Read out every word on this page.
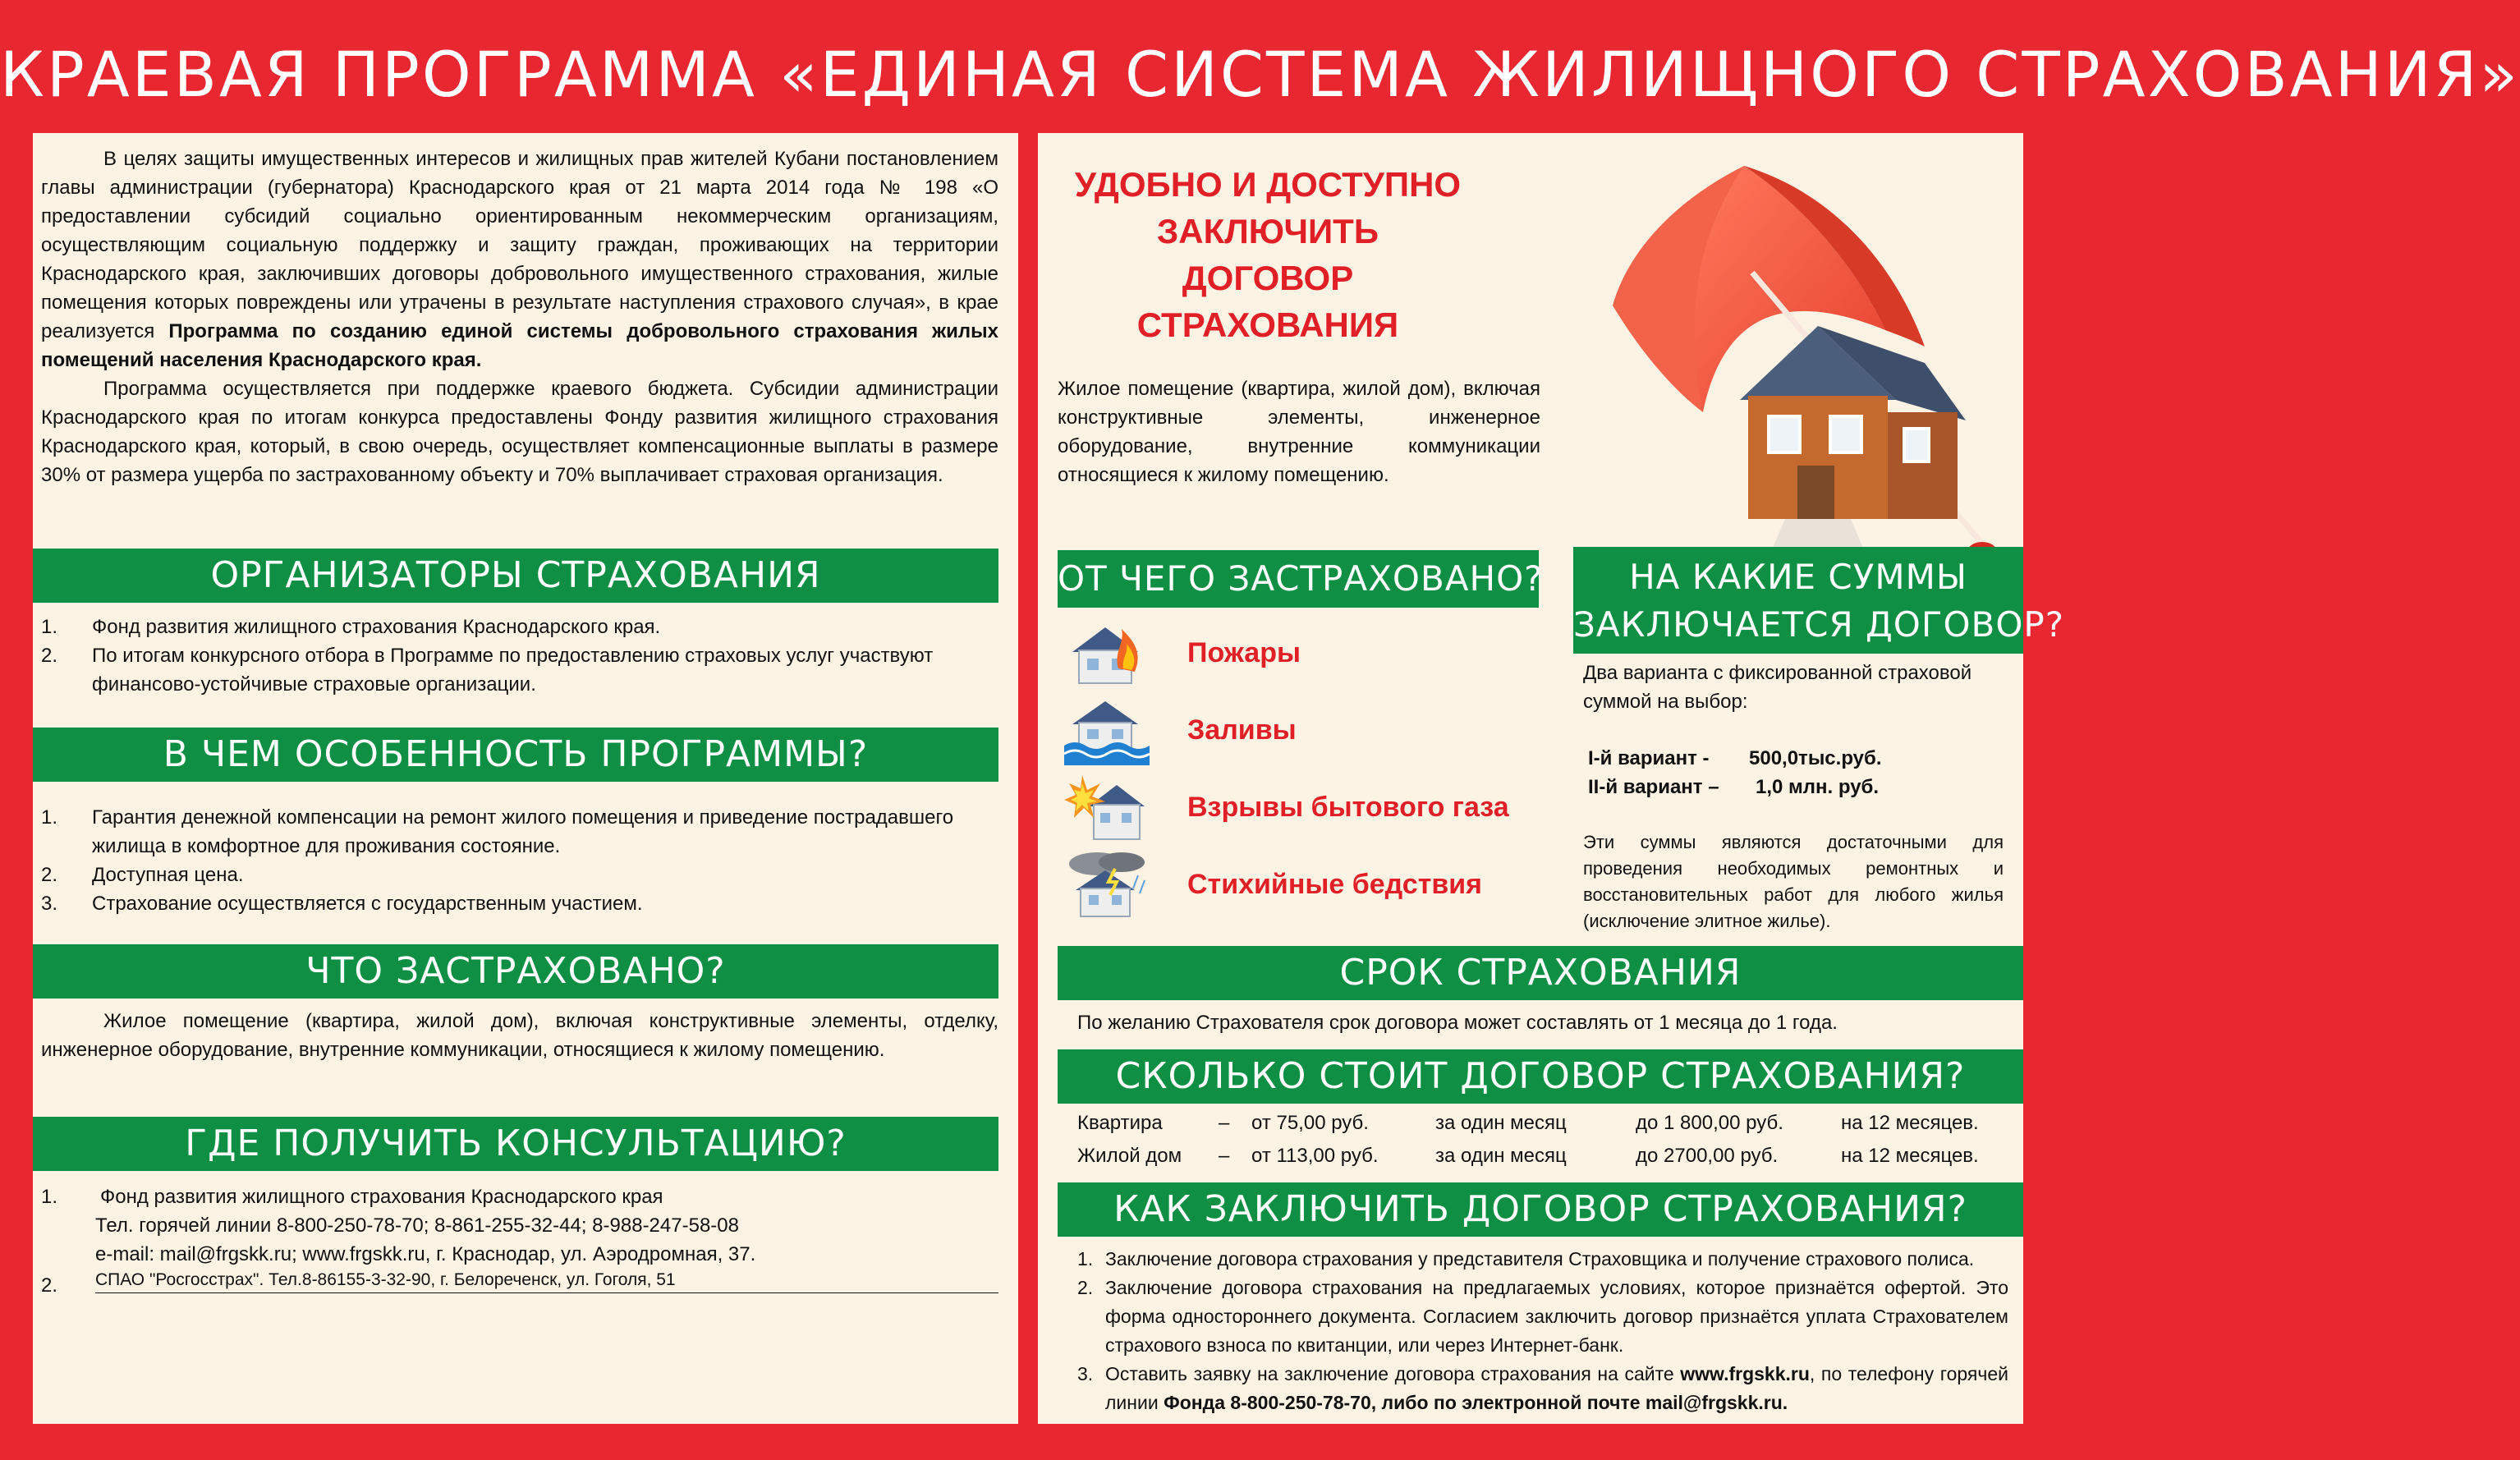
КРАЕВАЯ ПРОГРАММА «ЕДИНАЯ СИСТЕМА ЖИЛИЩНОГО СТРАХОВАНИЯ»

В целях защиты имущественных интересов и жилищных прав жителей Кубани постановлением главы администрации (губернатора) Краснодарского края от 21 марта 2014 года № 198 «О предоставлении субсидий социально ориентированным некоммерческим организациям, осуществляющим социальную поддержку и защиту граждан, проживающих на территории Краснодарского края, заключивших договоры добровольного имущественного страхования, жилые помещения которых повреждены или утрачены в результате наступления страхового случая», в крае реализуется Программа по созданию единой системы добровольного страхования жилых помещений населения Краснодарского края.

Программа осуществляется при поддержке краевого бюджета. Субсидии администрации Краснодарского края по итогам конкурса предоставлены Фонду развития жилищного страхования Краснодарского края, который, в свою очередь, осуществляет компенсационные выплаты в размере 30% от размера ущерба по застрахованному объекту и 70% выплачивает страховая организация.

ОРГАНИЗАТОРЫ СТРАХОВАНИЯ
1. Фонд развития жилищного страхования Краснодарского края.
2. По итогам конкурсного отбора в Программе по предоставлению страховых услуг участвуют финансово-устойчивые страховые организации.
В ЧЕМ ОСОБЕННОСТЬ ПРОГРАММЫ?
1. Гарантия денежной компенсации на ремонт жилого помещения и приведение пострадавшего жилища в комфортное для проживания состояние.
2. Доступная цена.
3. Страхование осуществляется с государственным участием.
ЧТО ЗАСТРАХОВАНО?

Жилое помещение (квартира, жилой дом), включая конструктивные элементы, отделку, инженерное оборудование, внутренние коммуникации, относящиеся к жилому помещению.

ГДЕ ПОЛУЧИТЬ КОНСУЛЬТАЦИЮ?
1. Фонд развития жилищного страхования Краснодарского края
Тел. горячей линии 8-800-250-78-70; 8-861-255-32-44; 8-988-247-58-08
e-mail: mail@frgskk.ru; www.frgskk.ru, г. Краснодар, ул. Аэродромная, 37.
2. СПАО "Росгосстрах". Тел.8-86155-3-32-90, г. Белореченск, ул. Гоголя, 51
УДОБНО И ДОСТУПНО
ЗАКЛЮЧИТЬ
ДОГОВОР
СТРАХОВАНИЯ

Жилое помещение (квартира, жилой дом), включая конструктивные элементы, инженерное оборудование, внутренние коммуникации относящиеся к жилому помещению.

ОТ ЧЕГО ЗАСТРАХОВАНО?
Пожары
Заливы
Взрывы бытового газа
Стихийные бедствия
НА КАКИЕ СУММЫ
ЗАКЛЮЧАЕТСЯ ДОГОВОР?

Два варианта с фиксированной страховой суммой на выбор:

I-й вариант - 500,0тыс.руб.
II-й вариант – 1,0 млн. руб.

Эти суммы являются достаточными для проведения необходимых ремонтных и восстановительных работ для любого жилья (исключение элитное жилье).

СРОК СТРАХОВАНИЯ

По желанию Страхователя срок договора может составлять от 1 месяца до 1 года.

СКОЛЬКО СТОИТ ДОГОВОР СТРАХОВАНИЯ?
Квартира	– от 75,00 руб.	за один месяц	до 1 800,00 руб.	на 12 месяцев.
Жилой дом – от 113,00 руб.	за один месяц	до 2700,00 руб.	на 12 месяцев.
КАК ЗАКЛЮЧИТЬ ДОГОВОР СТРАХОВАНИЯ?
1. Заключение договора страхования у представителя Страховщика и получение страхового полиса.
2. Заключение договора страхования на предлагаемых условиях, которое признаётся офертой. Это форма одностороннего документа. Согласием заключить договор признаётся уплата Страхователем страхового взноса по квитанции, или через Интернет-банк.
3. Оставить заявку на заключение договора страхования на сайте www.frgskk.ru, по телефону горячей линии Фонда 8-800-250-78-70, либо по электронной почте mail@frgskk.ru.
